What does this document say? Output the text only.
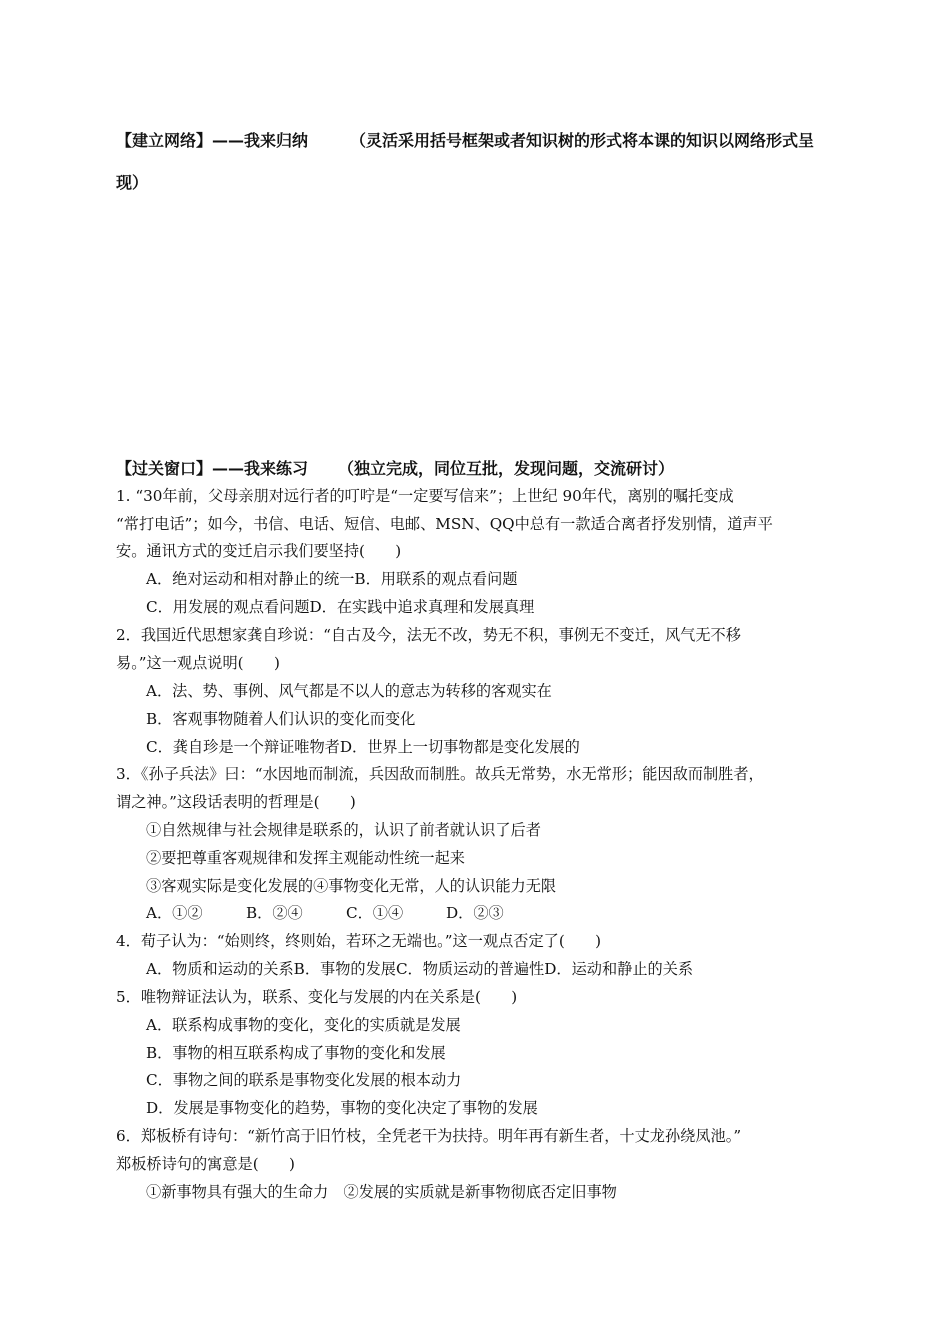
【建立网络】——我来归纳	（灵活采用括号框架或者知识树的形式将本课的知识以网络形式呈
现）
【过关窗口】——我来练习 （独立完成，同位互批，发现问题，交流研讨）
1. “30年前，父母亲朋对远行者的叮咛是“一定要写信来”；上世纪 90年代，离别的嘱托变成
“常打电话”；如今，书信、电话、短信、电邮、MSN、QQ中总有一款适合离者抒发别情，道声平
安。通讯方式的变迁启示我们要坚持(　　)
A．绝对运动和相对静止的统一B．用联系的观点看问题
C．用发展的观点看问题D．在实践中追求真理和发展真理
2．我国近代思想家龚自珍说：“自古及今，法无不改，势无不积，事例无不变迁，风气无不移
易。”这一观点说明(　　)
A．法、势、事例、风气都是不以人的意志为转移的客观实在
B．客观事物随着人们认识的变化而变化
C．龚自珍是一个辩证唯物者D．世界上一切事物都是变化发展的
3．《孙子兵法》曰：“水因地而制流，兵因敌而制胜。故兵无常势，水无常形；能因敌而制胜者，
谓之神。”这段话表明的哲理是(　　)
①自然规律与社会规律是联系的，认识了前者就认识了后者
②要把尊重客观规律和发挥主观能动性统一起来
③客观实际是变化发展的④事物变化无常，人的认识能力无限
A．①②	B．②④	C．①④	D．②③
4．荀子认为：“始则终，终则始，若环之无端也。”这一观点否定了(　　)
A．物质和运动的关系B．事物的发展C．物质运动的普遍性D．运动和静止的关系
5．唯物辩证法认为，联系、变化与发展的内在关系是(　　)
A．联系构成事物的变化，变化的实质就是发展
B．事物的相互联系构成了事物的变化和发展
C．事物之间的联系是事物变化发展的根本动力
D．发展是事物变化的趋势，事物的变化决定了事物的发展
6．郑板桥有诗句：“新竹高于旧竹枝，全凭老干为扶持。明年再有新生者，十丈龙孙绕凤池。”
郑板桥诗句的寓意是(　　)
①新事物具有强大的生命力　②发展的实质就是新事物彻底否定旧事物
